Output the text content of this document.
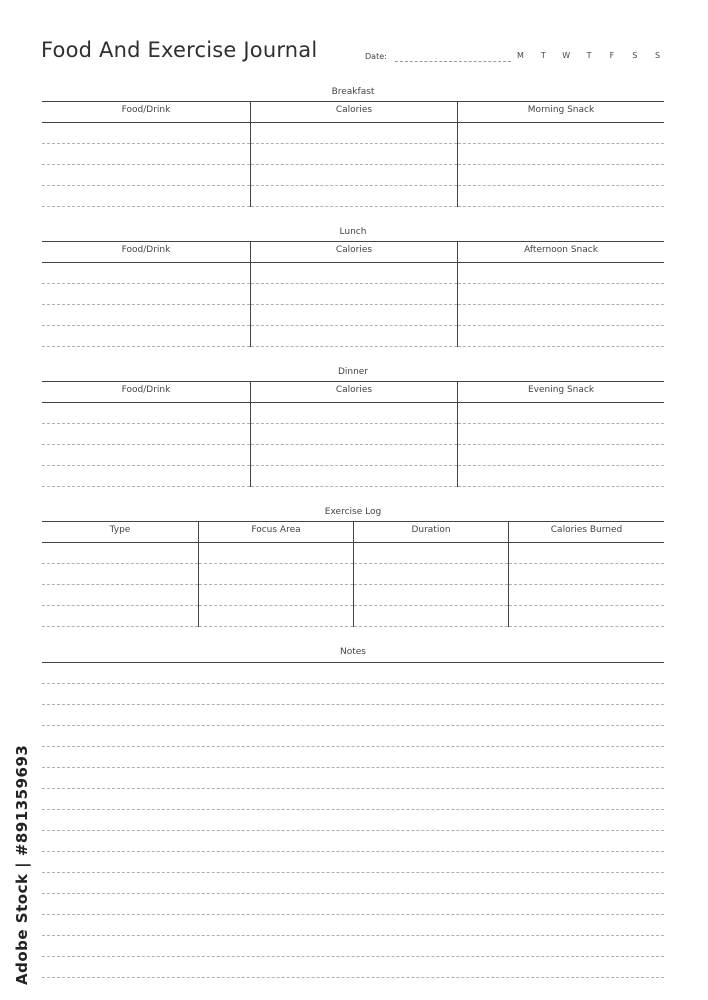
Food And Exercise Journal	Date:	M	T	W	T	F	S	S
Breakfast
Food/Drink	Calories	Morning Snack
Lunch
Food/Drink	Calories	Afternoon Snack
Dinner
Food/Drink	Calories	Evening Snack
Exercise Log
Type	Focus Area	Duration	Calories Burned
Notes
Adobe Stock | #891359693
